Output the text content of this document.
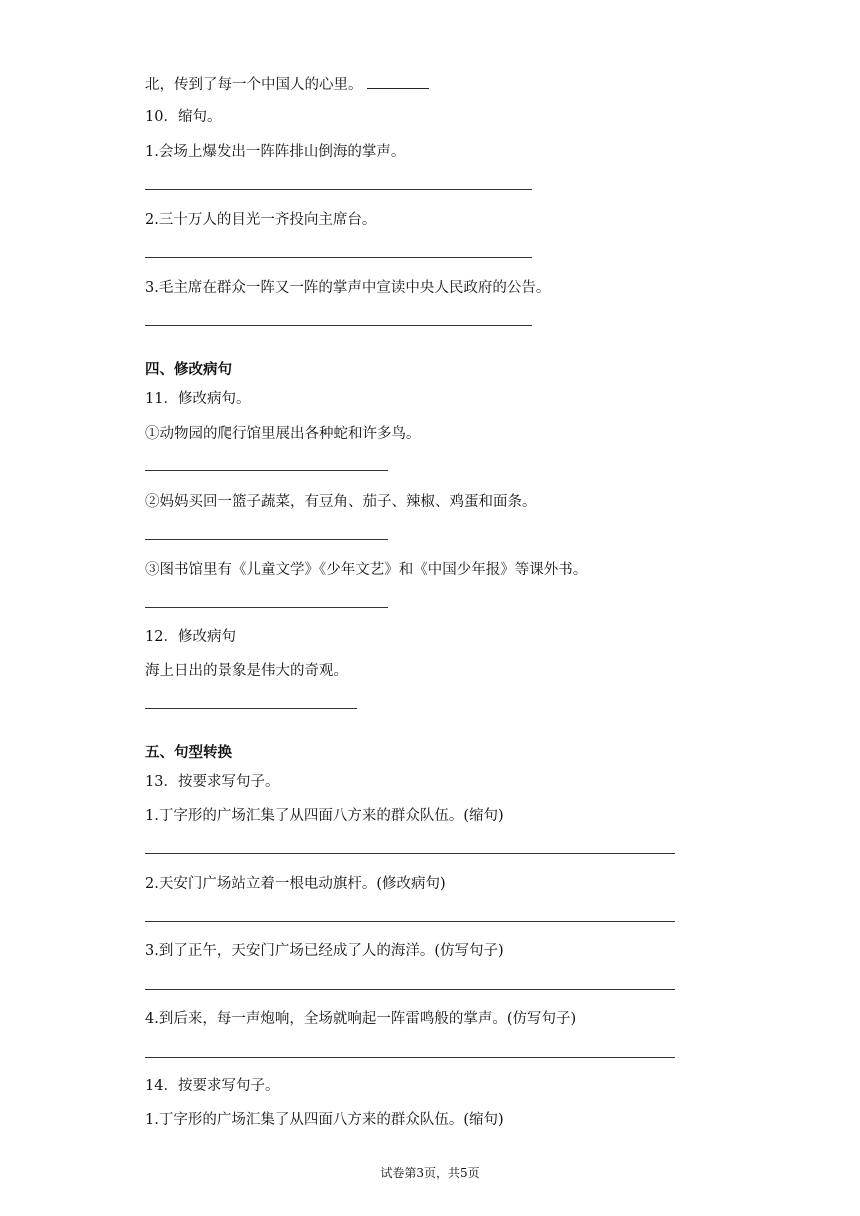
北，传到了每一个中国人的心里。
10．缩句。
1.会场上爆发出一阵阵排山倒海的掌声。
2.三十万人的目光一齐投向主席台。
3.毛主席在群众一阵又一阵的掌声中宣读中央人民政府的公告。
四、修改病句
11．修改病句。
①动物园的爬行馆里展出各种蛇和许多鸟。
②妈妈买回一篮子蔬菜，有豆角、茄子、辣椒、鸡蛋和面条。
③图书馆里有《儿童文学》《少年文艺》和《中国少年报》等课外书。
12．修改病句
海上日出的景象是伟大的奇观。
五、句型转换
13．按要求写句子。
1.丁字形的广场汇集了从四面八方来的群众队伍。(缩句)
2.天安门广场站立着一根电动旗杆。(修改病句)
3.到了正午，天安门广场已经成了人的海洋。(仿写句子)
4.到后来，每一声炮响，全场就响起一阵雷鸣般的掌声。(仿写句子)
14．按要求写句子。
1.丁字形的广场汇集了从四面八方来的群众队伍。(缩句)
试卷第3页，共5页
